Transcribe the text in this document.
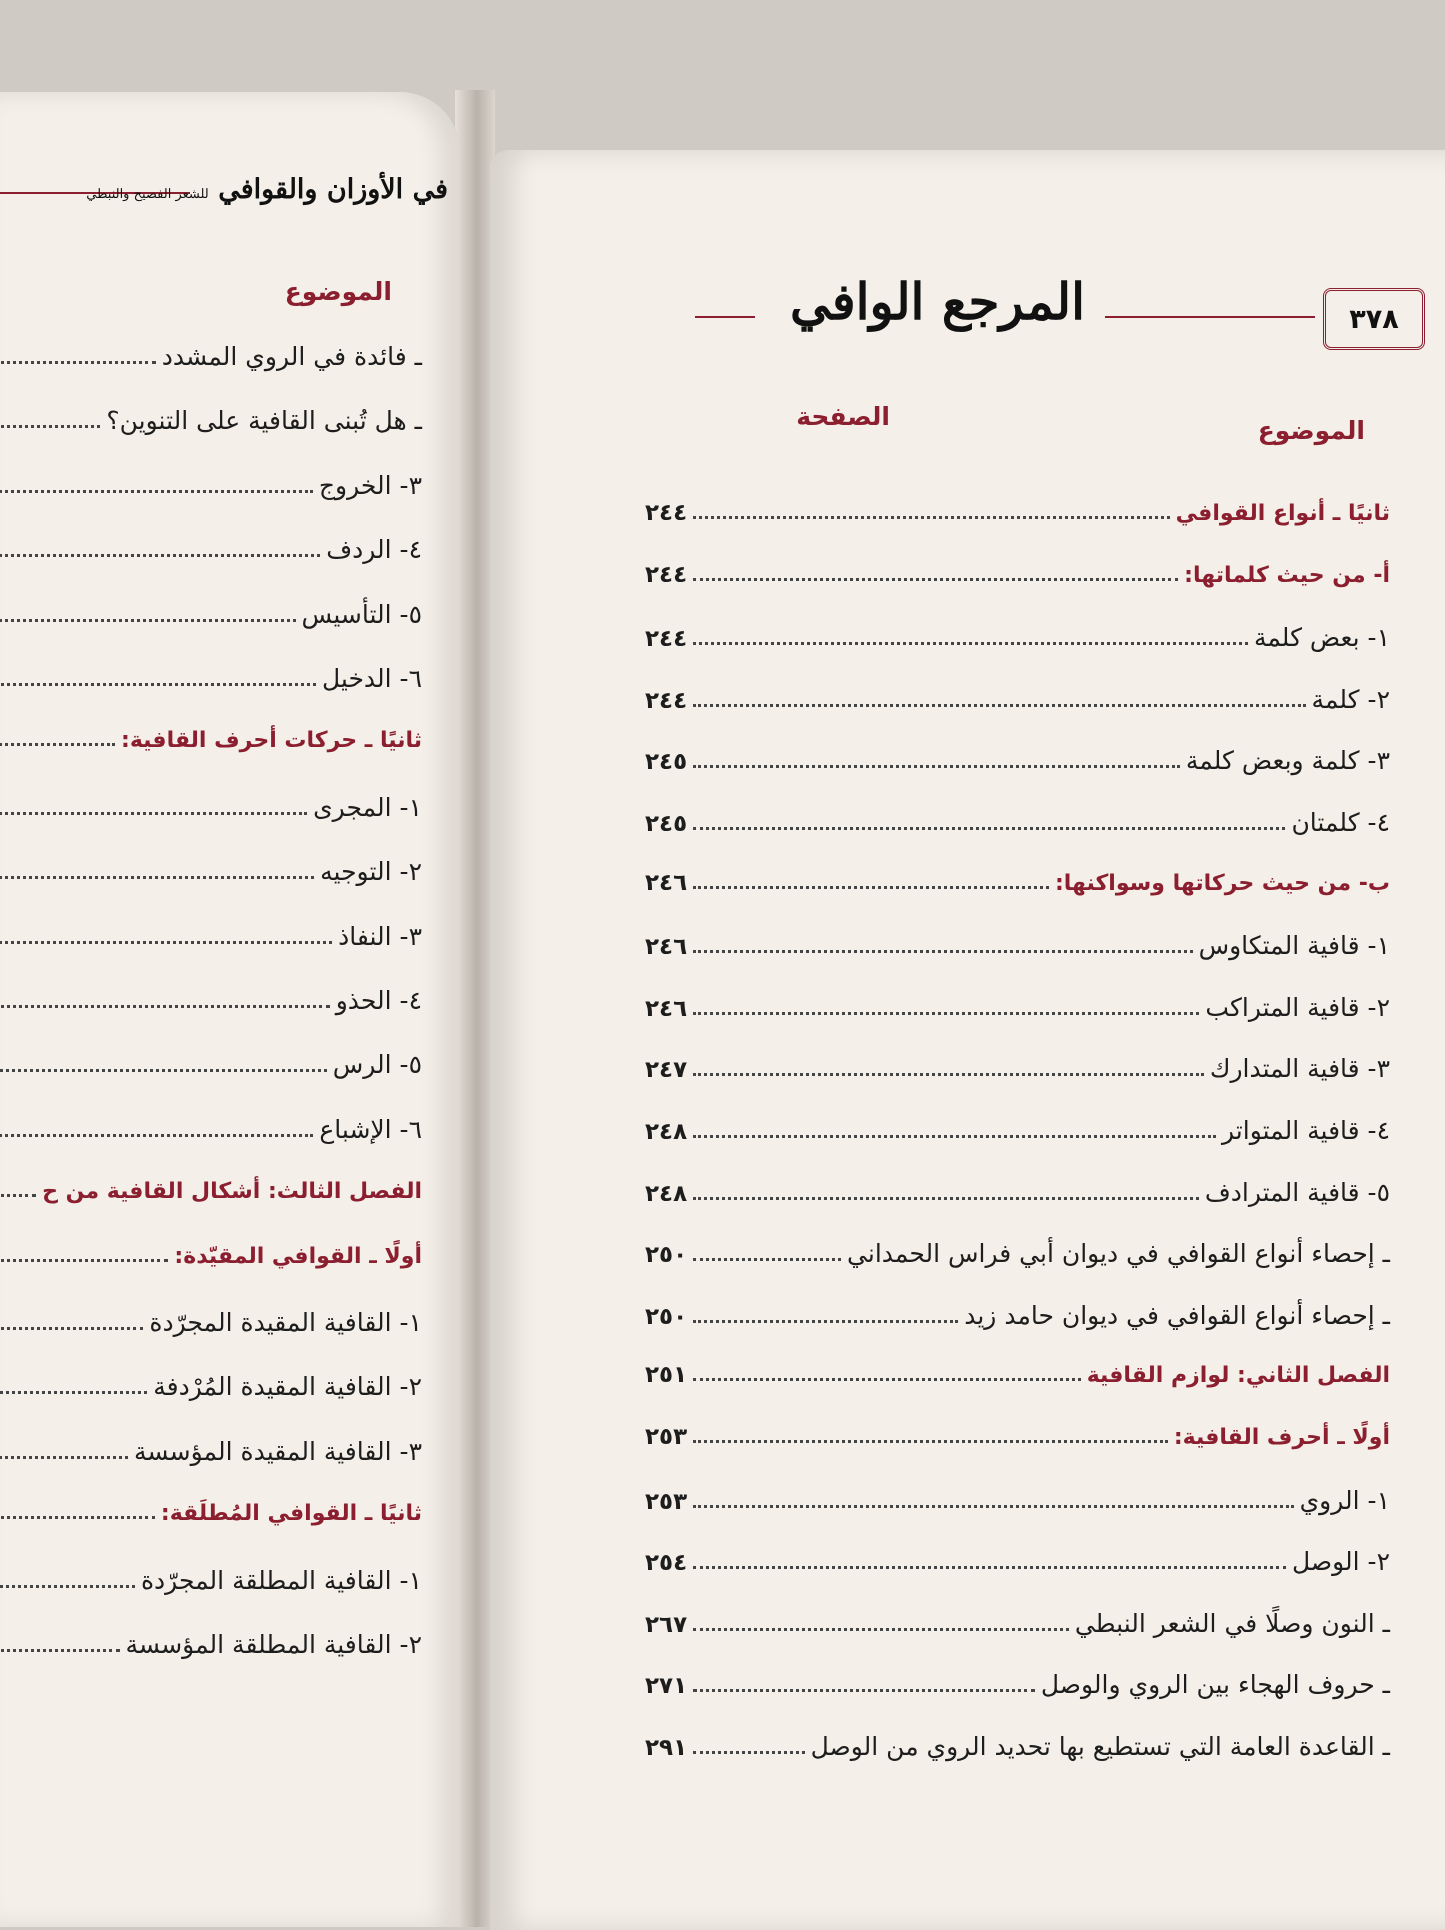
في الأوزان والقوافي للشعر الفصيح والنبطي
الموضوع
ـ فائدة في الروي المشدد
ـ هل تُبنى القافية على التنوين؟
٣- الخروج
٤- الردف
٥- التأسيس
٦- الدخيل
ثانيًا ـ حركات أحرف القافية:
١- المجرى
٢- التوجيه
٣- النفاذ
٤- الحذو
٥- الرس
٦- الإشباع
الفصل الثالث: أشكال القافية من ح
أولًا ـ القوافي المقيّدة:
١- القافية المقيدة المجرّدة
٢- القافية المقيدة المُرْدفة
٣- القافية المقيدة المؤسسة
ثانيًا ـ القوافي المُطلَقة:
١- القافية المطلقة المجرّدة
٢- القافية المطلقة المؤسسة
٣٧٨
المرجع الوافي
الموضوع
الصفحة
ثانيًا ـ أنواع القوافي
٢٤٤
أ- من حيث كلماتها:
٢٤٤
١- بعض كلمة
٢٤٤
٢- كلمة
٢٤٤
٣- كلمة وبعض كلمة
٢٤٥
٤- كلمتان
٢٤٥
ب- من حيث حركاتها وسواكنها:
٢٤٦
١- قافية المتكاوس
٢٤٦
٢- قافية المتراكب
٢٤٦
٣- قافية المتدارك
٢٤٧
٤- قافية المتواتر
٢٤٨
٥- قافية المترادف
٢٤٨
ـ إحصاء أنواع القوافي في ديوان أبي فراس الحمداني
٢٥٠
ـ إحصاء أنواع القوافي في ديوان حامد زيد
٢٥٠
الفصل الثاني: لوازم القافية
٢٥١
أولًا ـ أحرف القافية:
٢٥٣
١- الروي
٢٥٣
٢- الوصل
٢٥٤
ـ النون وصلًا في الشعر النبطي
٢٦٧
ـ حروف الهجاء بين الروي والوصل
٢٧١
ـ القاعدة العامة التي تستطيع بها تحديد الروي من الوصل
٢٩١
